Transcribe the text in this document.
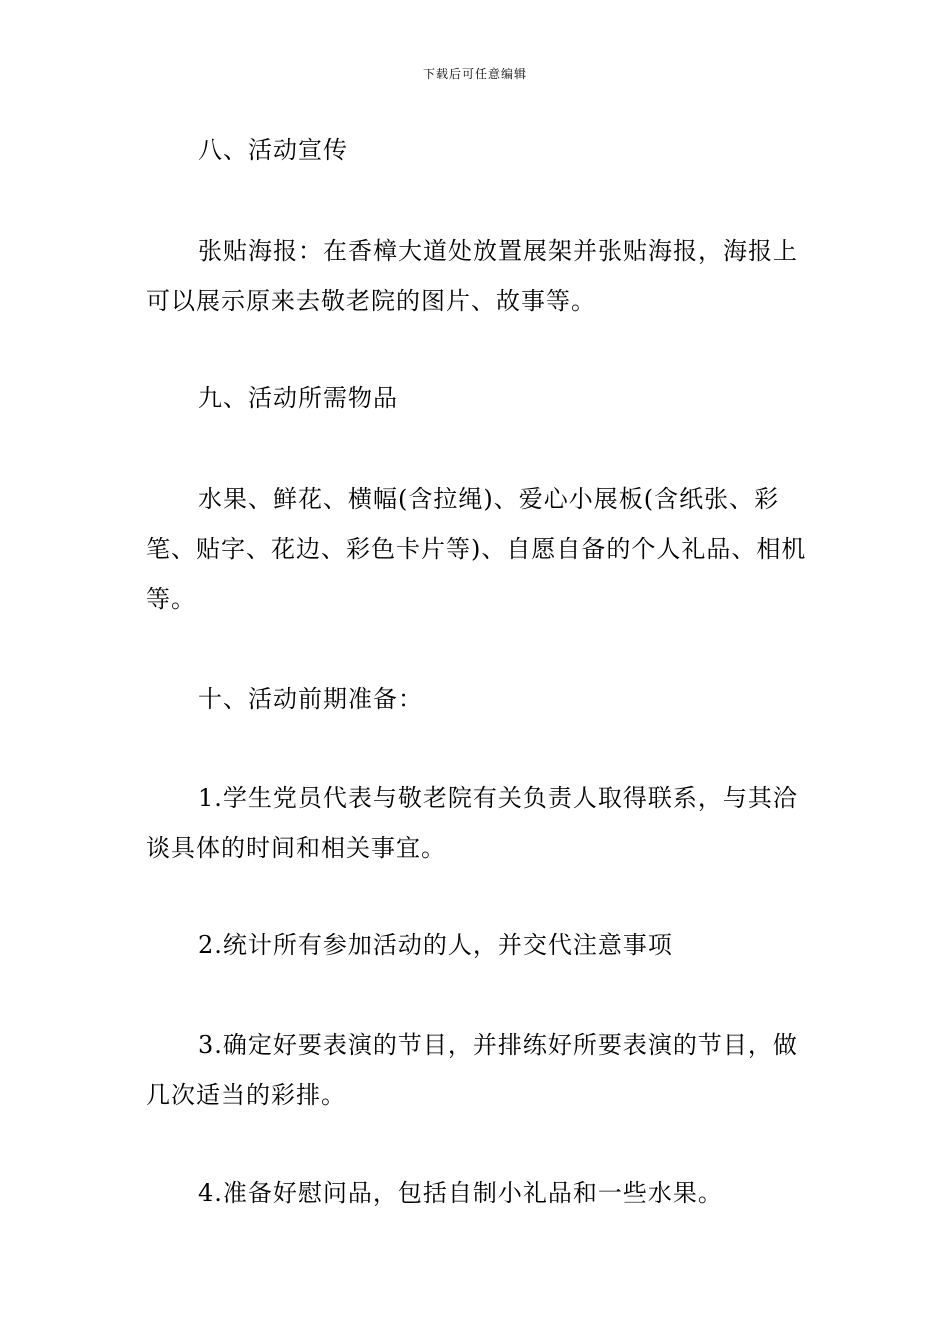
下载后可任意编辑

八、活动宣传

张贴海报：在香樟大道处放置展架并张贴海报，海报上可以展示原来去敬老院的图片、故事等。

九、活动所需物品

水果、鲜花、横幅(含拉绳)、爱心小展板(含纸张、彩笔、贴字、花边、彩色卡片等)、自愿自备的个人礼品、相机等。

十、活动前期准备：

1.学生党员代表与敬老院有关负责人取得联系，与其洽谈具体的时间和相关事宜。

2.统计所有参加活动的人，并交代注意事项

3.确定好要表演的节目，并排练好所要表演的节目，做几次适当的彩排。

4.准备好慰问品，包括自制小礼品和一些水果。
